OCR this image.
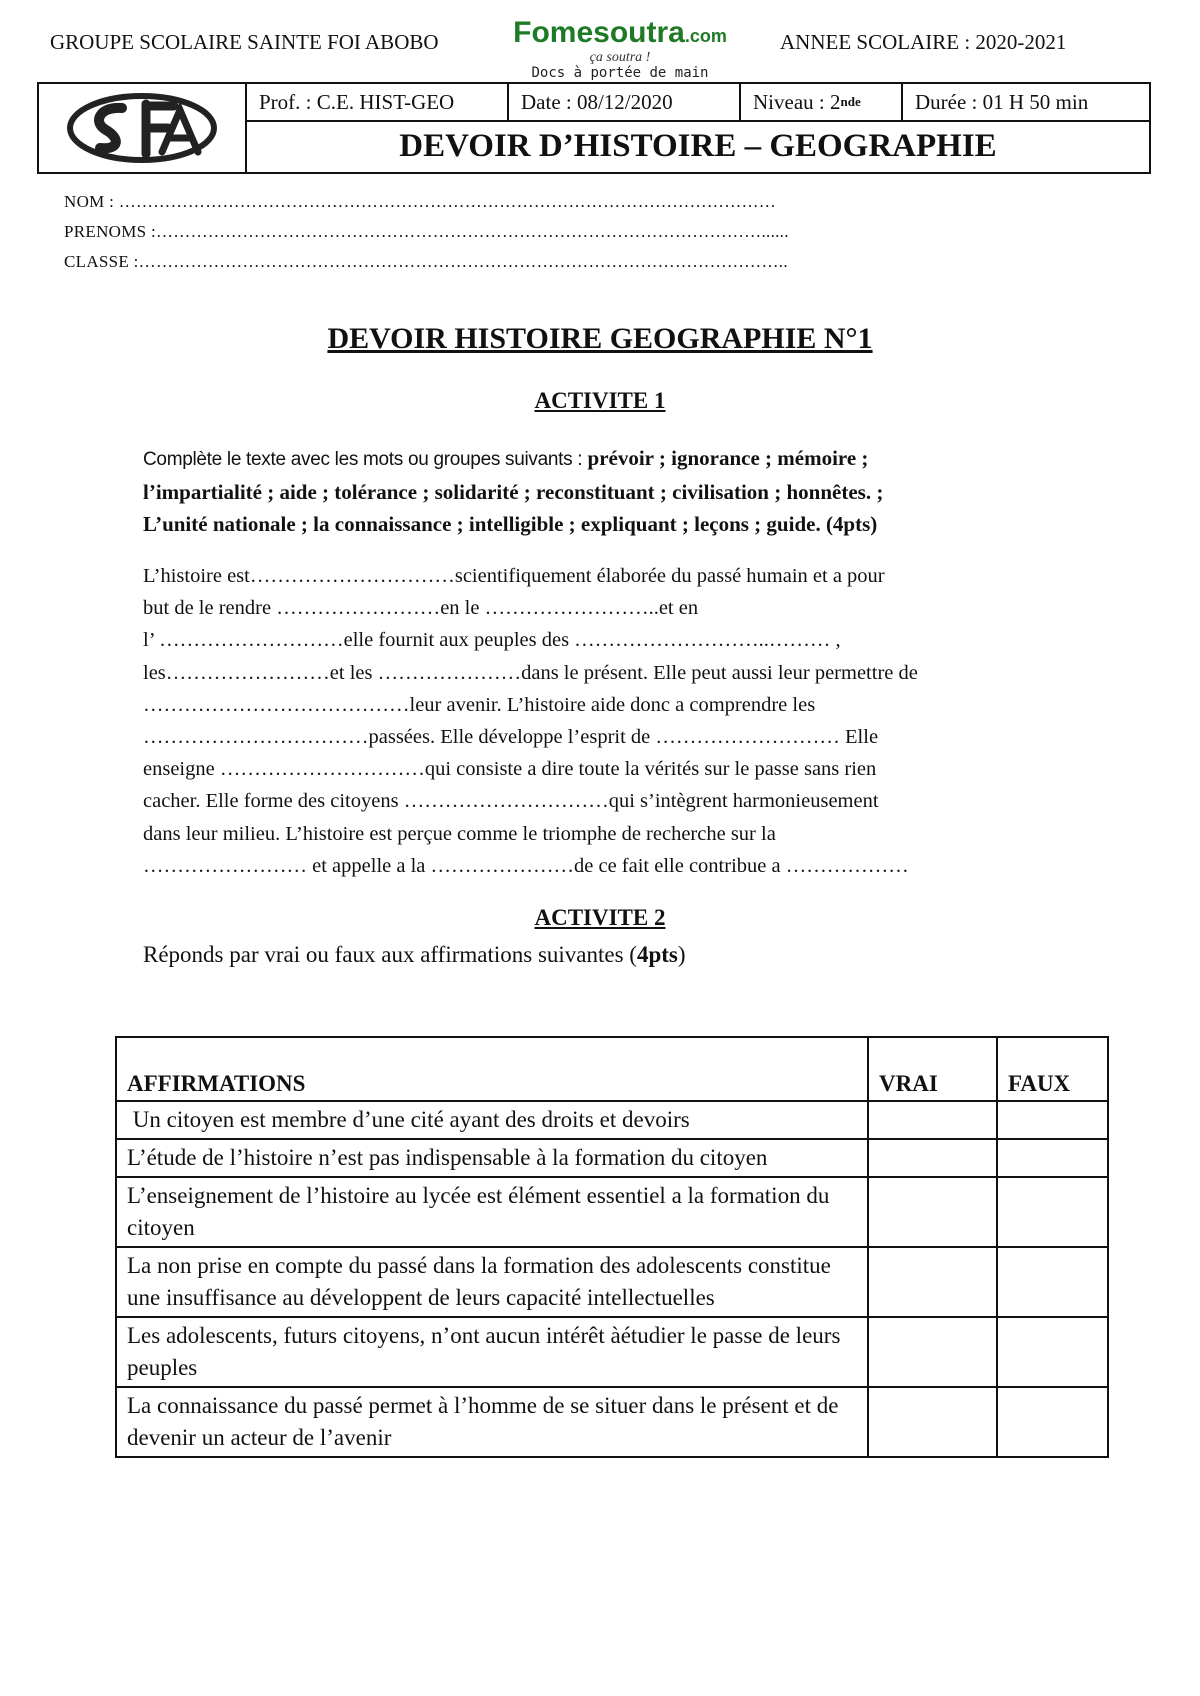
GROUPE SCOLAIRE SAINTE FOI ABOBO	Fomesoutra.com
ça soutra !
Docs à portée de main
ANNEE SCOLAIRE : 2020-2021
Prof. : C.E. HIST-GEO	Date : 08/12/2020	Niveau : 2 nde	Durée : 01 H 50 min
DEVOIR D’HISTOIRE – GEOGRAPHIE
NOM : ……………………………………………………………………………………………………
PRENOMS :……………………………………………………………………………………………......
CLASSE :…………………………………………………………………………………………………..
DEVOIR HISTOIRE GEOGRAPHIE N°1
ACTIVITE 1
Complète le texte avec les mots ou groupes suivants : prévoir ; ignorance ; mémoire ;
l’impartialité ; aide ; tolérance ; solidarité ; reconstituant ; civilisation ; honnêtes. ;
L’unité nationale ; la connaissance ; intelligible ; expliquant ; leçons ; guide. (4pts)
L’histoire est…………………………scientifiquement élaborée du passé humain et a pour
but de le rendre ……………………en le ……………………..et en
l’ ………………………elle fournit aux peuples des ………………………..……… ,
les……………………et les …………………dans le présent. Elle peut aussi leur permettre de
…………………………………leur avenir. L’histoire aide donc a comprendre les
……………………………passées. Elle développe l’esprit de ……………………… Elle
enseigne …………………………qui consiste a dire toute la vérités sur le passe sans rien
cacher. Elle forme des citoyens …………………………qui s’intègrent harmonieusement
dans leur milieu. L’histoire est perçue comme le triomphe de recherche sur la
…………………… et appelle a la …………………de ce fait elle contribue a ………………
ACTIVITE 2
Réponds par vrai ou faux aux affirmations suivantes (4pts)
AFFIRMATIONS	VRAI	FAUX
Un citoyen est membre d’une cité ayant des droits et devoirs		
L’étude de l’histoire n’est pas indispensable à la formation du citoyen		
L’enseignement de l’histoire au lycée est élément essentiel a la formation du citoyen		
La non prise en compte du passé dans la formation des adolescents constitue une insuffisance au développent de leurs capacité intellectuelles		
Les adolescents, futurs citoyens, n’ont aucun intérêt àétudier le passe de leurs peuples		
La connaissance du passé permet à l’homme de se situer dans le présent et de devenir un acteur de l’avenir		
